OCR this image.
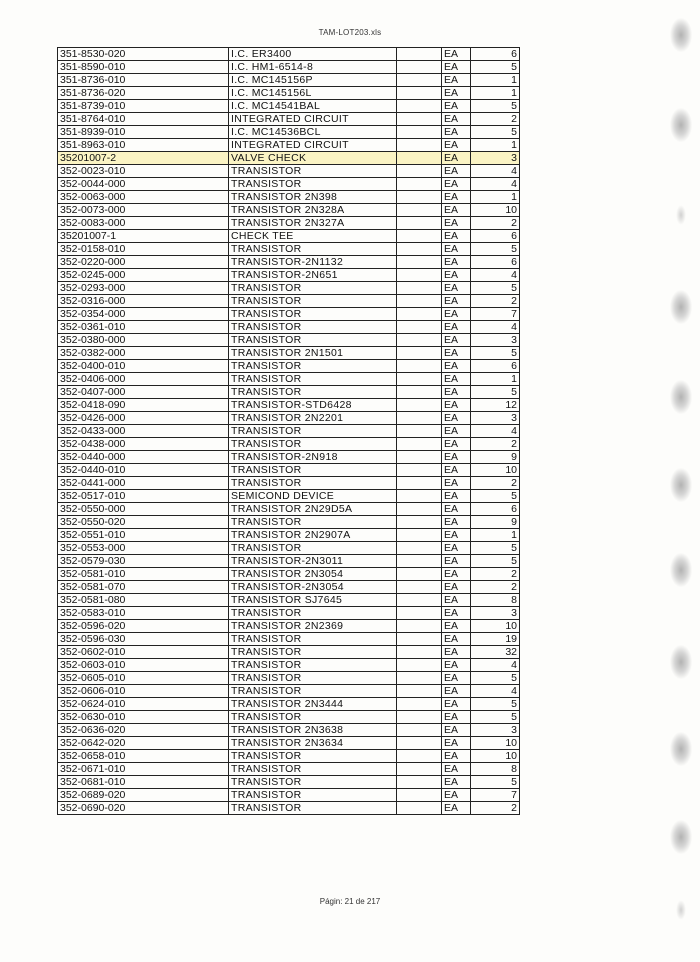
TAM-LOT203.xls
351-8530-020	I.C. ER3400		EA	6
351-8590-010	I.C. HM1-6514-8		EA	5
351-8736-010	I.C. MC145156P		EA	1
351-8736-020	I.C. MC145156L		EA	1
351-8739-010	I.C. MC14541BAL		EA	5
351-8764-010	INTEGRATED CIRCUIT		EA	2
351-8939-010	I.C. MC14536BCL		EA	5
351-8963-010	INTEGRATED CIRCUIT		EA	1
35201007-2	VALVE CHECK		EA	3
352-0023-010	TRANSISTOR		EA	4
352-0044-000	TRANSISTOR		EA	4
352-0063-000	TRANSISTOR 2N398		EA	1
352-0073-000	TRANSISTOR 2N328A		EA	10
352-0083-000	TRANSISTOR 2N327A		EA	2
35201007-1	CHECK TEE		EA	6
352-0158-010	TRANSISTOR		EA	5
352-0220-000	TRANSISTOR-2N1132		EA	6
352-0245-000	TRANSISTOR-2N651		EA	4
352-0293-000	TRANSISTOR		EA	5
352-0316-000	TRANSISTOR		EA	2
352-0354-000	TRANSISTOR		EA	7
352-0361-010	TRANSISTOR		EA	4
352-0380-000	TRANSISTOR		EA	3
352-0382-000	TRANSISTOR 2N1501		EA	5
352-0400-010	TRANSISTOR		EA	6
352-0406-000	TRANSISTOR		EA	1
352-0407-000	TRANSISTOR		EA	5
352-0418-090	TRANSISTOR-STD6428		EA	12
352-0426-000	TRANSISTOR 2N2201		EA	3
352-0433-000	TRANSISTOR		EA	4
352-0438-000	TRANSISTOR		EA	2
352-0440-000	TRANSISTOR-2N918		EA	9
352-0440-010	TRANSISTOR		EA	10
352-0441-000	TRANSISTOR		EA	2
352-0517-010	SEMICOND DEVICE		EA	5
352-0550-000	TRANSISTOR 2N29D5A		EA	6
352-0550-020	TRANSISTOR		EA	9
352-0551-010	TRANSISTOR 2N2907A		EA	1
352-0553-000	TRANSISTOR		EA	5
352-0579-030	TRANSISTOR-2N3011		EA	5
352-0581-010	TRANSISTOR 2N3054		EA	2
352-0581-070	TRANSISTOR-2N3054		EA	2
352-0581-080	TRANSISTOR SJ7645		EA	8
352-0583-010	TRANSISTOR		EA	3
352-0596-020	TRANSISTOR 2N2369		EA	10
352-0596-030	TRANSISTOR		EA	19
352-0602-010	TRANSISTOR		EA	32
352-0603-010	TRANSISTOR		EA	4
352-0605-010	TRANSISTOR		EA	5
352-0606-010	TRANSISTOR		EA	4
352-0624-010	TRANSISTOR 2N3444		EA	5
352-0630-010	TRANSISTOR		EA	5
352-0636-020	TRANSISTOR 2N3638		EA	3
352-0642-020	TRANSISTOR 2N3634		EA	10
352-0658-010	TRANSISTOR		EA	10
352-0671-010	TRANSISTOR		EA	8
352-0681-010	TRANSISTOR		EA	5
352-0689-020	TRANSISTOR		EA	7
352-0690-020	TRANSISTOR		EA	2
Págin: 21 de 217
